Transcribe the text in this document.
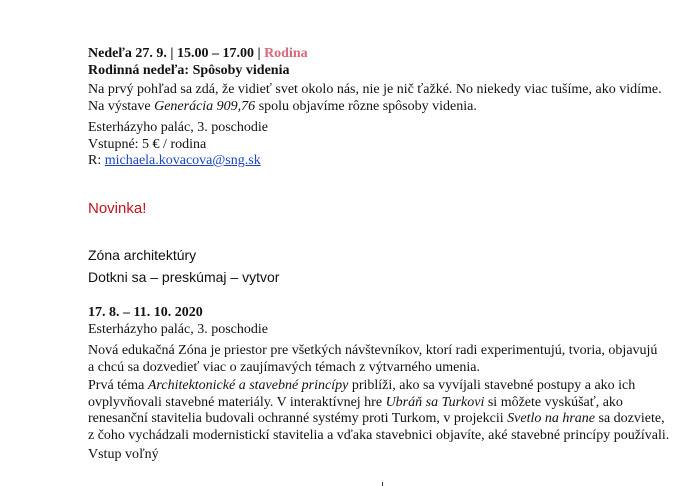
Nedeľa 27. 9. | 15.00 – 17.00 | Rodina

Rodinná nedeľa: Spôsoby videnia

Na prvý pohľad sa zdá, že vidieť svet okolo nás, nie je nič ťažké. No niekedy viac tušíme, ako vidíme.

Na výstave Generácia 909,76 spolu objavíme rôzne spôsoby videnia.

Esterházyho palác, 3. poschodie

Vstupné: 5 € / rodina

R: michaela.kovacova@sng.sk

Novinka!
Zóna architektúry
Dotkni sa – preskúmaj – vytvor

17. 8. – 11. 10. 2020

Esterházyho palác, 3. poschodie

Nová edukačná Zóna je priestor pre všetkých návštevníkov, ktorí radi experimentujú, tvoria, objavujú

a chcú sa dozvedieť viac o zaujímavých témach z výtvarného umenia.

Prvá téma Architektonické a stavebné princípy priblíži, ako sa vyvíjali stavebné postupy a ako ich

ovplyvňovali stavebné materiály. V interaktívnej hre Ubráň sa Turkovi si môžete vyskúšať, ako

renesanční stavitelia budovali ochranné systémy proti Turkom, v projekcii Svetlo na hrane sa dozviete,

z čoho vychádzali modernistickí stavitelia a vďaka stavebnici objavíte, aké stavebné princípy používali.

Vstup voľný
